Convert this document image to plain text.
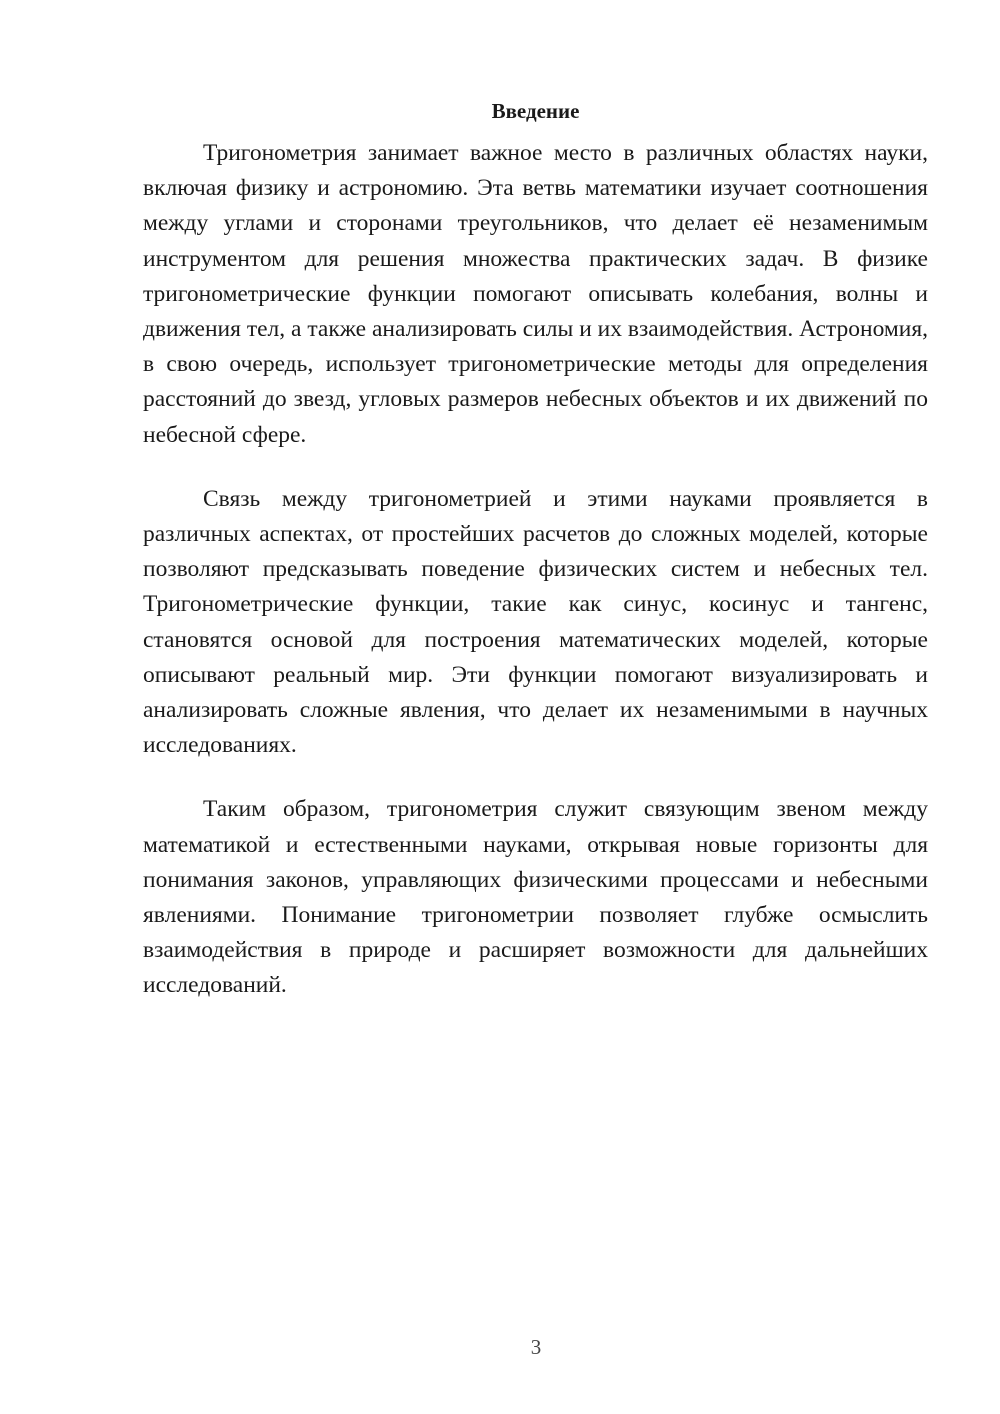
Введение

Тригонометрия занимает важное место в различных областях науки, включая физику и астрономию. Эта ветвь математики изучает соотношения между углами и сторонами треугольников, что делает её незаменимым инструментом для решения множества практических задач. В физике тригонометрические функции помогают описывать колебания, волны и движения тел, а также анализировать силы и их взаимодействия. Астрономия, в свою очередь, использует тригонометрические методы для определения расстояний до звезд, угловых размеров небесных объектов и их движений по небесной сфере.

Связь между тригонометрией и этими науками проявляется в различных аспектах, от простейших расчетов до сложных моделей, которые позволяют предсказывать поведение физических систем и небесных тел. Тригонометрические функции, такие как синус, косинус и тангенс, становятся основой для построения математических моделей, которые описывают реальный мир. Эти функции помогают визуализировать и анализировать сложные явления, что делает их незаменимыми в научных исследованиях.

Таким образом, тригонометрия служит связующим звеном между математикой и естественными науками, открывая новые горизонты для понимания законов, управляющих физическими процессами и небесными явлениями. Понимание тригонометрии позволяет глубже осмыслить взаимодействия в природе и расширяет возможности для дальнейших исследований.

3
